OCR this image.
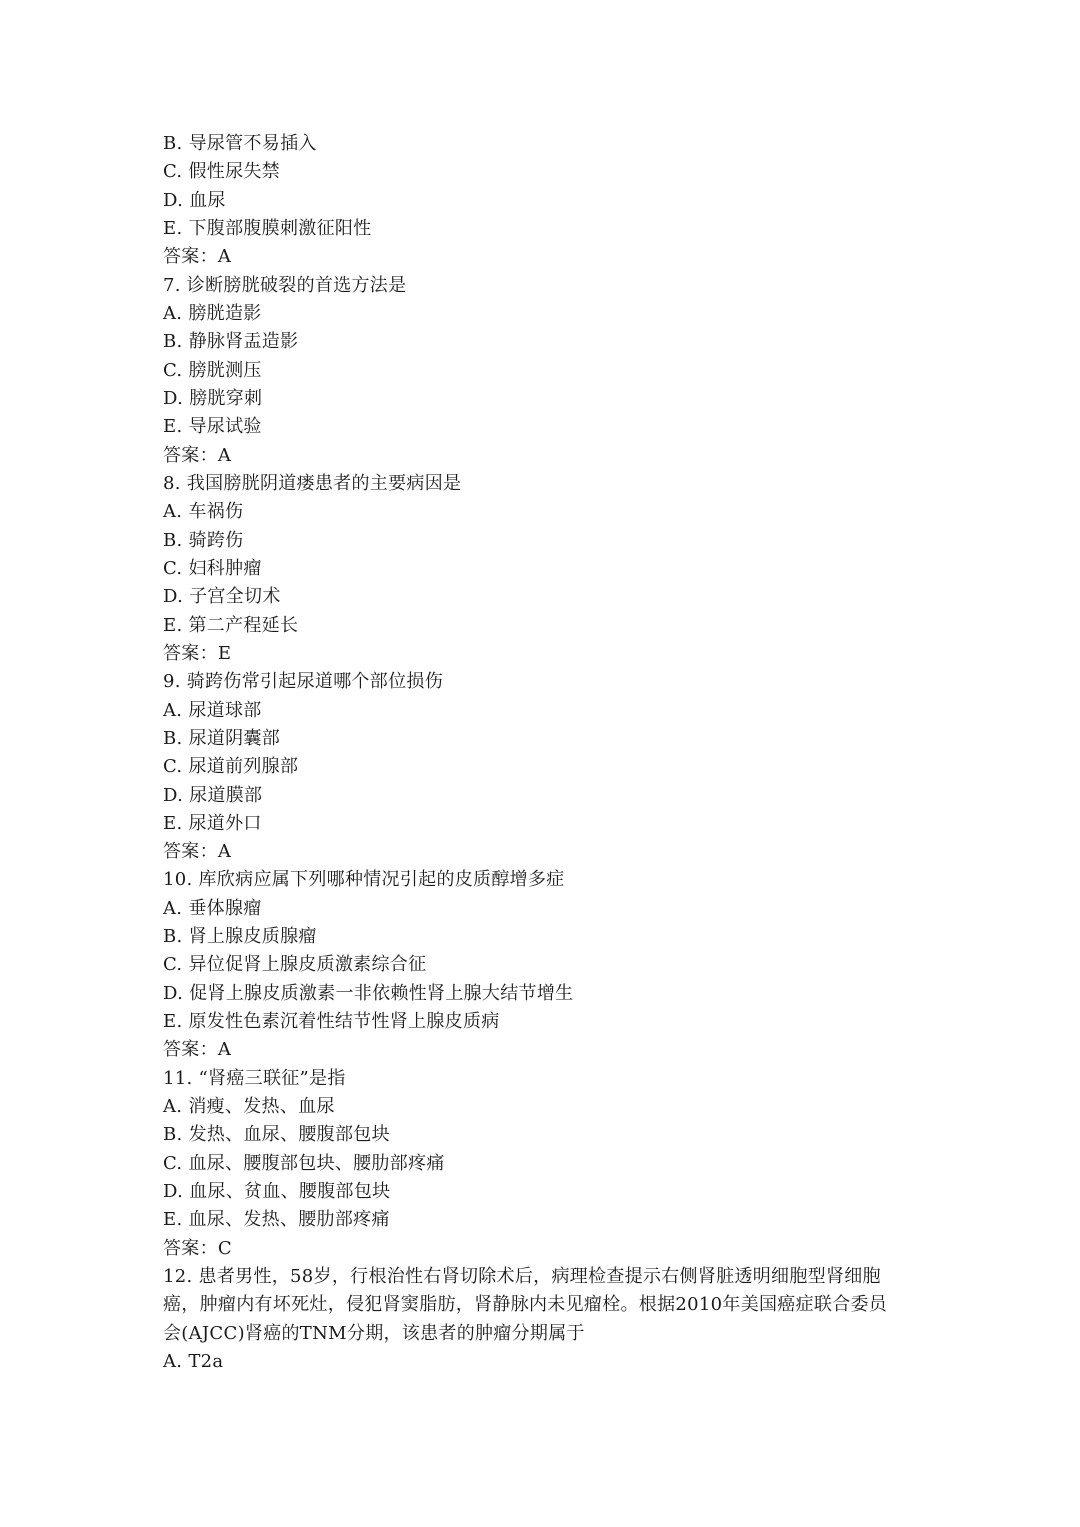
B. 导尿管不易插入
C. 假性尿失禁
D. 血尿
E. 下腹部腹膜刺激征阳性
答案：A
7. 诊断膀胱破裂的首选方法是
A. 膀胱造影
B. 静脉肾盂造影
C. 膀胱测压
D. 膀胱穿刺
E. 导尿试验
答案：A
8. 我国膀胱阴道瘘患者的主要病因是
A. 车祸伤
B. 骑跨伤
C. 妇科肿瘤
D. 子宫全切术
E. 第二产程延长
答案：E
9. 骑跨伤常引起尿道哪个部位损伤
A. 尿道球部
B. 尿道阴囊部
C. 尿道前列腺部
D. 尿道膜部
E. 尿道外口
答案：A
10. 库欣病应属下列哪种情况引起的皮质醇增多症
A. 垂体腺瘤
B. 肾上腺皮质腺瘤
C. 异位促肾上腺皮质激素综合征
D. 促肾上腺皮质激素一非依赖性肾上腺大结节增生
E. 原发性色素沉着性结节性肾上腺皮质病
答案：A
11. “肾癌三联征”是指
A. 消瘦、发热、血尿
B. 发热、血尿、腰腹部包块
C. 血尿、腰腹部包块、腰肋部疼痛
D. 血尿、贫血、腰腹部包块
E. 血尿、发热、腰肋部疼痛
答案：C
12. 患者男性，58岁，行根治性右肾切除术后，病理检查提示右侧肾脏透明细胞型肾细胞
癌，肿瘤内有坏死灶，侵犯肾窦脂肪，肾静脉内未见瘤栓。根据2010年美国癌症联合委员
会(AJCC)肾癌的TNM分期，该患者的肿瘤分期属于
A. T2a
